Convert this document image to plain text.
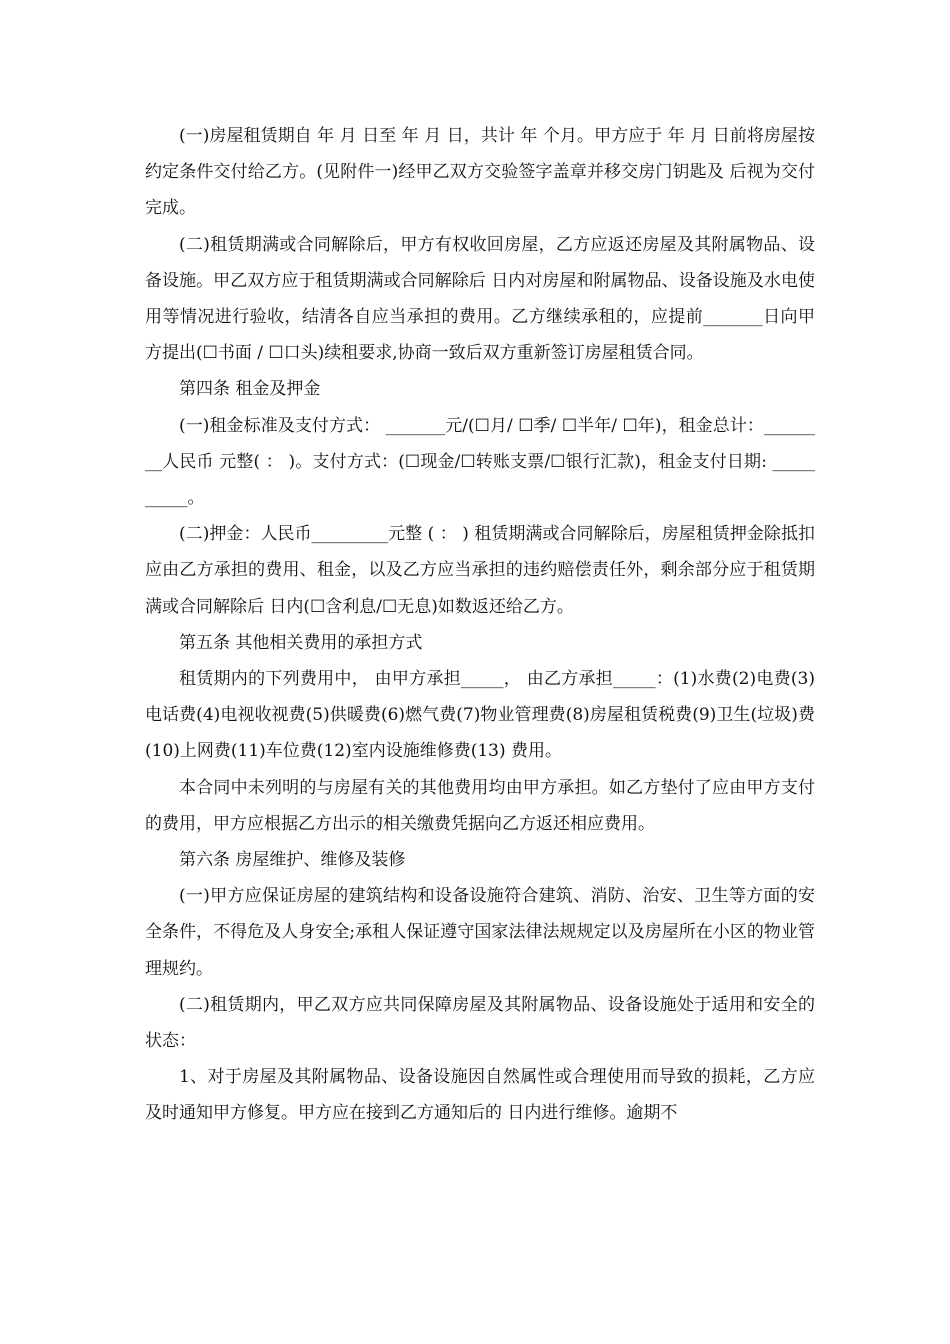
(一)房屋租赁期自 年 月 日至 年 月 日，共计 年 个月。甲方应于 年 月 日前将房屋按约定条件交付给乙方。(见附件一)经甲乙双方交验签字盖章并移交房门钥匙及 后视为交付完成。

(二)租赁期满或合同解除后，甲方有权收回房屋，乙方应返还房屋及其附属物品、设备设施。甲乙双方应于租赁期满或合同解除后 日内对房屋和附属物品、设备设施及水电使用等情况进行验收，结清各自应当承担的费用。乙方继续承租的，应提前_______日向甲方提出(☐书面 / ☐口头)续租要求,协商一致后双方重新签订房屋租赁合同。

第四条 租金及押金

(一)租金标准及支付方式： _______元/(☐月/ ☐季/ ☐半年/ ☐年)，租金总计：________人民币 元整( ： )。支付方式：(☐现金/☐转账支票/☐银行汇款)，租金支付日期: __________。

(二)押金：人民币_________元整 ( ： ) 租赁期满或合同解除后，房屋租赁押金除抵扣应由乙方承担的费用、租金，以及乙方应当承担的违约赔偿责任外，剩余部分应于租赁期满或合同解除后 日内(☐含利息/☐无息)如数返还给乙方。

第五条 其他相关费用的承担方式

租赁期内的下列费用中， 由甲方承担_____， 由乙方承担_____：(1)水费(2)电费(3)电话费(4)电视收视费(5)供暖费(6)燃气费(7)物业管理费(8)房屋租赁税费(9)卫生(垃圾)费(10)上网费(11)车位费(12)室内设施维修费(13) 费用。

本合同中未列明的与房屋有关的其他费用均由甲方承担。如乙方垫付了应由甲方支付的费用，甲方应根据乙方出示的相关缴费凭据向乙方返还相应费用。

第六条 房屋维护、维修及装修

(一)甲方应保证房屋的建筑结构和设备设施符合建筑、消防、治安、卫生等方面的安全条件，不得危及人身安全;承租人保证遵守国家法律法规规定以及房屋所在小区的物业管理规约。

(二)租赁期内，甲乙双方应共同保障房屋及其附属物品、设备设施处于适用和安全的状态：

1、对于房屋及其附属物品、设备设施因自然属性或合理使用而导致的损耗，乙方应及时通知甲方修复。甲方应在接到乙方通知后的 日内进行维修。逾期不
